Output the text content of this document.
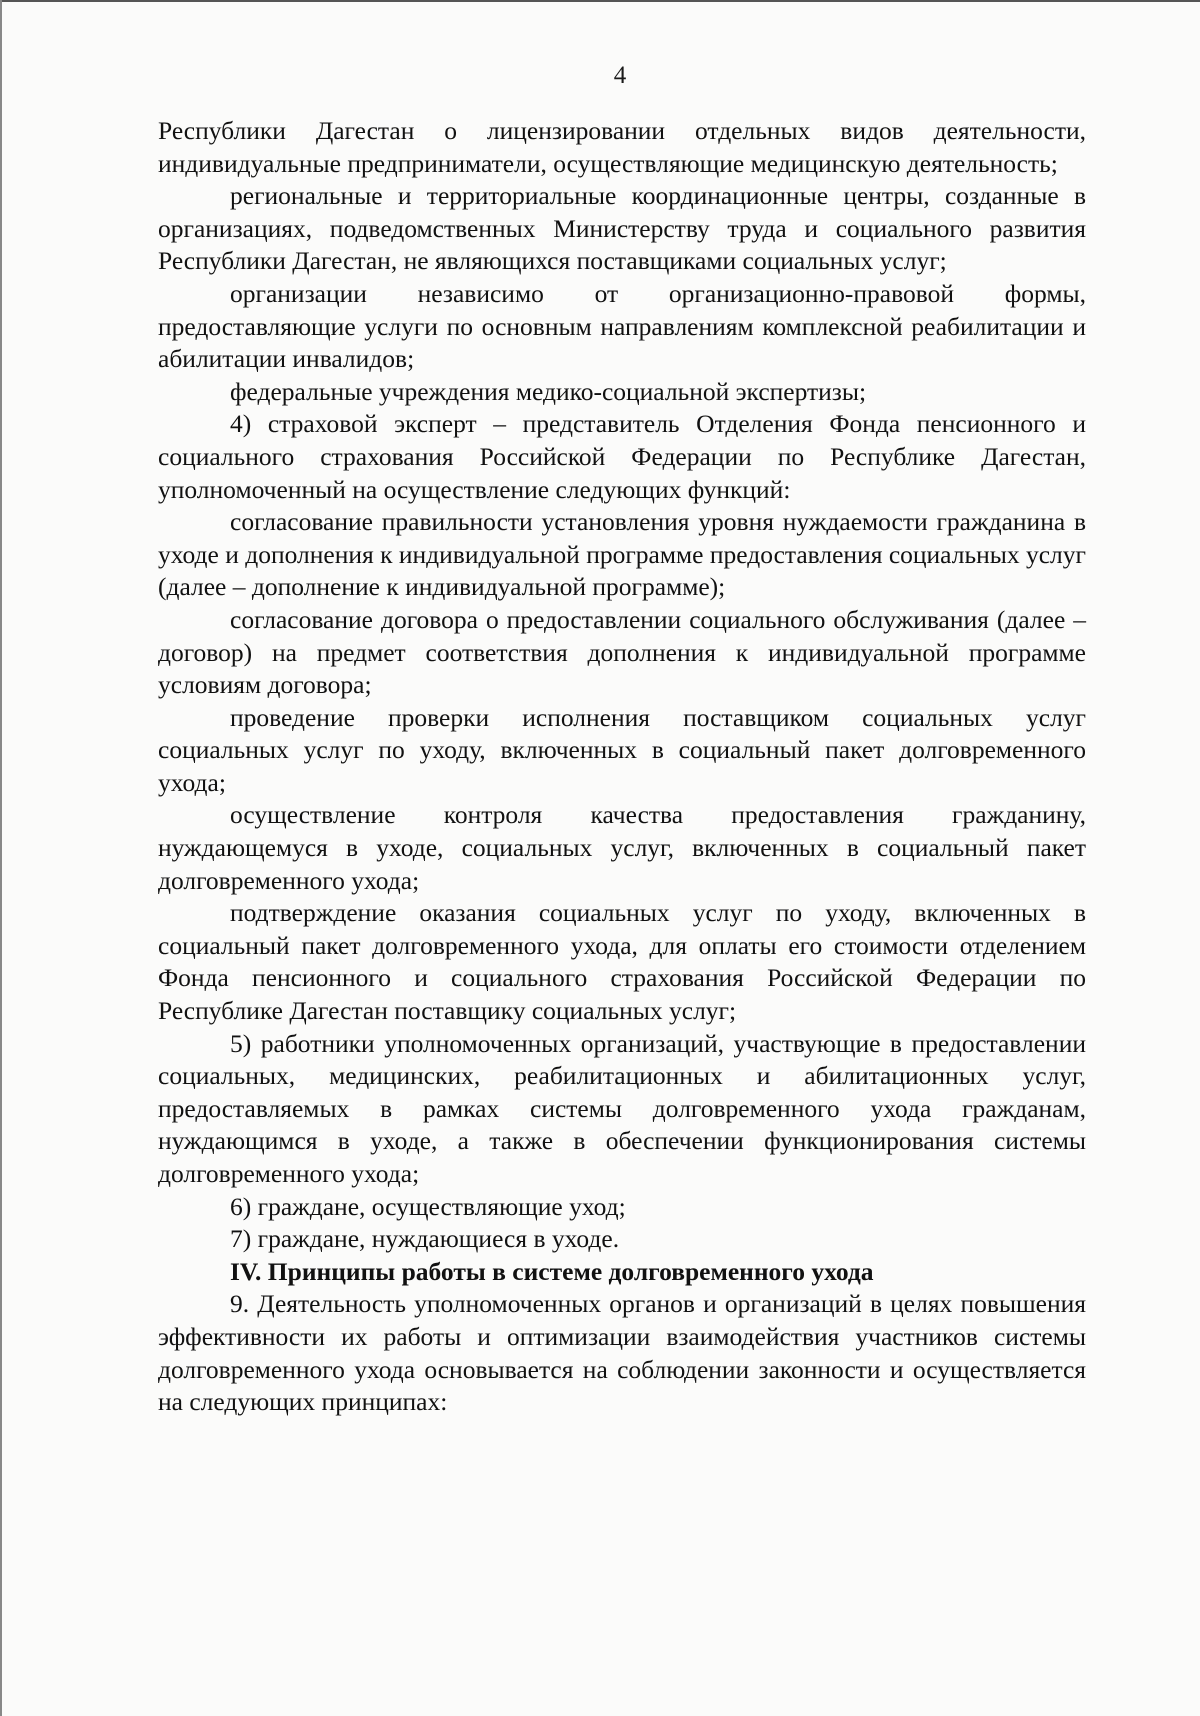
4

Республики Дагестан о лицензировании отдельных видов деятельности, индивидуальные предприниматели, осуществляющие медицинскую деятельность;

региональные и территориальные координационные центры, созданные в организациях, подведомственных Министерству труда и социального развития Республики Дагестан, не являющихся поставщиками социальных услуг;

организации независимо от организационно-правовой формы, предоставляющие услуги по основным направлениям комплексной реабилитации и абилитации инвалидов;

федеральные учреждения медико-социальной экспертизы;

4) страховой эксперт – представитель Отделения Фонда пенсионного и социального страхования Российской Федерации по Республике Дагестан, уполномоченный на осуществление следующих функций:

согласование правильности установления уровня нуждаемости гражданина в уходе и дополнения к индивидуальной программе предоставления социальных услуг (далее – дополнение к индивидуальной программе);

согласование договора о предоставлении социального обслуживания (далее – договор) на предмет соответствия дополнения к индивидуальной программе условиям договора;

проведение проверки исполнения поставщиком социальных услуг социальных услуг по уходу, включенных в социальный пакет долговременного ухода;

осуществление контроля качества предоставления гражданину, нуждающемуся в уходе, социальных услуг, включенных в социальный пакет долговременного ухода;

подтверждение оказания социальных услуг по уходу, включенных в социальный пакет долговременного ухода, для оплаты его стоимости отделением Фонда пенсионного и социального страхования Российской Федерации по Республике Дагестан поставщику социальных услуг;

5) работники уполномоченных организаций, участвующие в предоставлении социальных, медицинских, реабилитационных и абилитационных услуг, предоставляемых в рамках системы долговременного ухода гражданам, нуждающимся в уходе, а также в обеспечении функционирования системы долговременного ухода;

6) граждане, осуществляющие уход;

7) граждане, нуждающиеся в уходе.

IV. Принципы работы в системе долговременного ухода

9. Деятельность уполномоченных органов и организаций в целях повышения эффективности их работы и оптимизации взаимодействия участников системы долговременного ухода основывается на соблюдении законности и осуществляется на следующих принципах:
